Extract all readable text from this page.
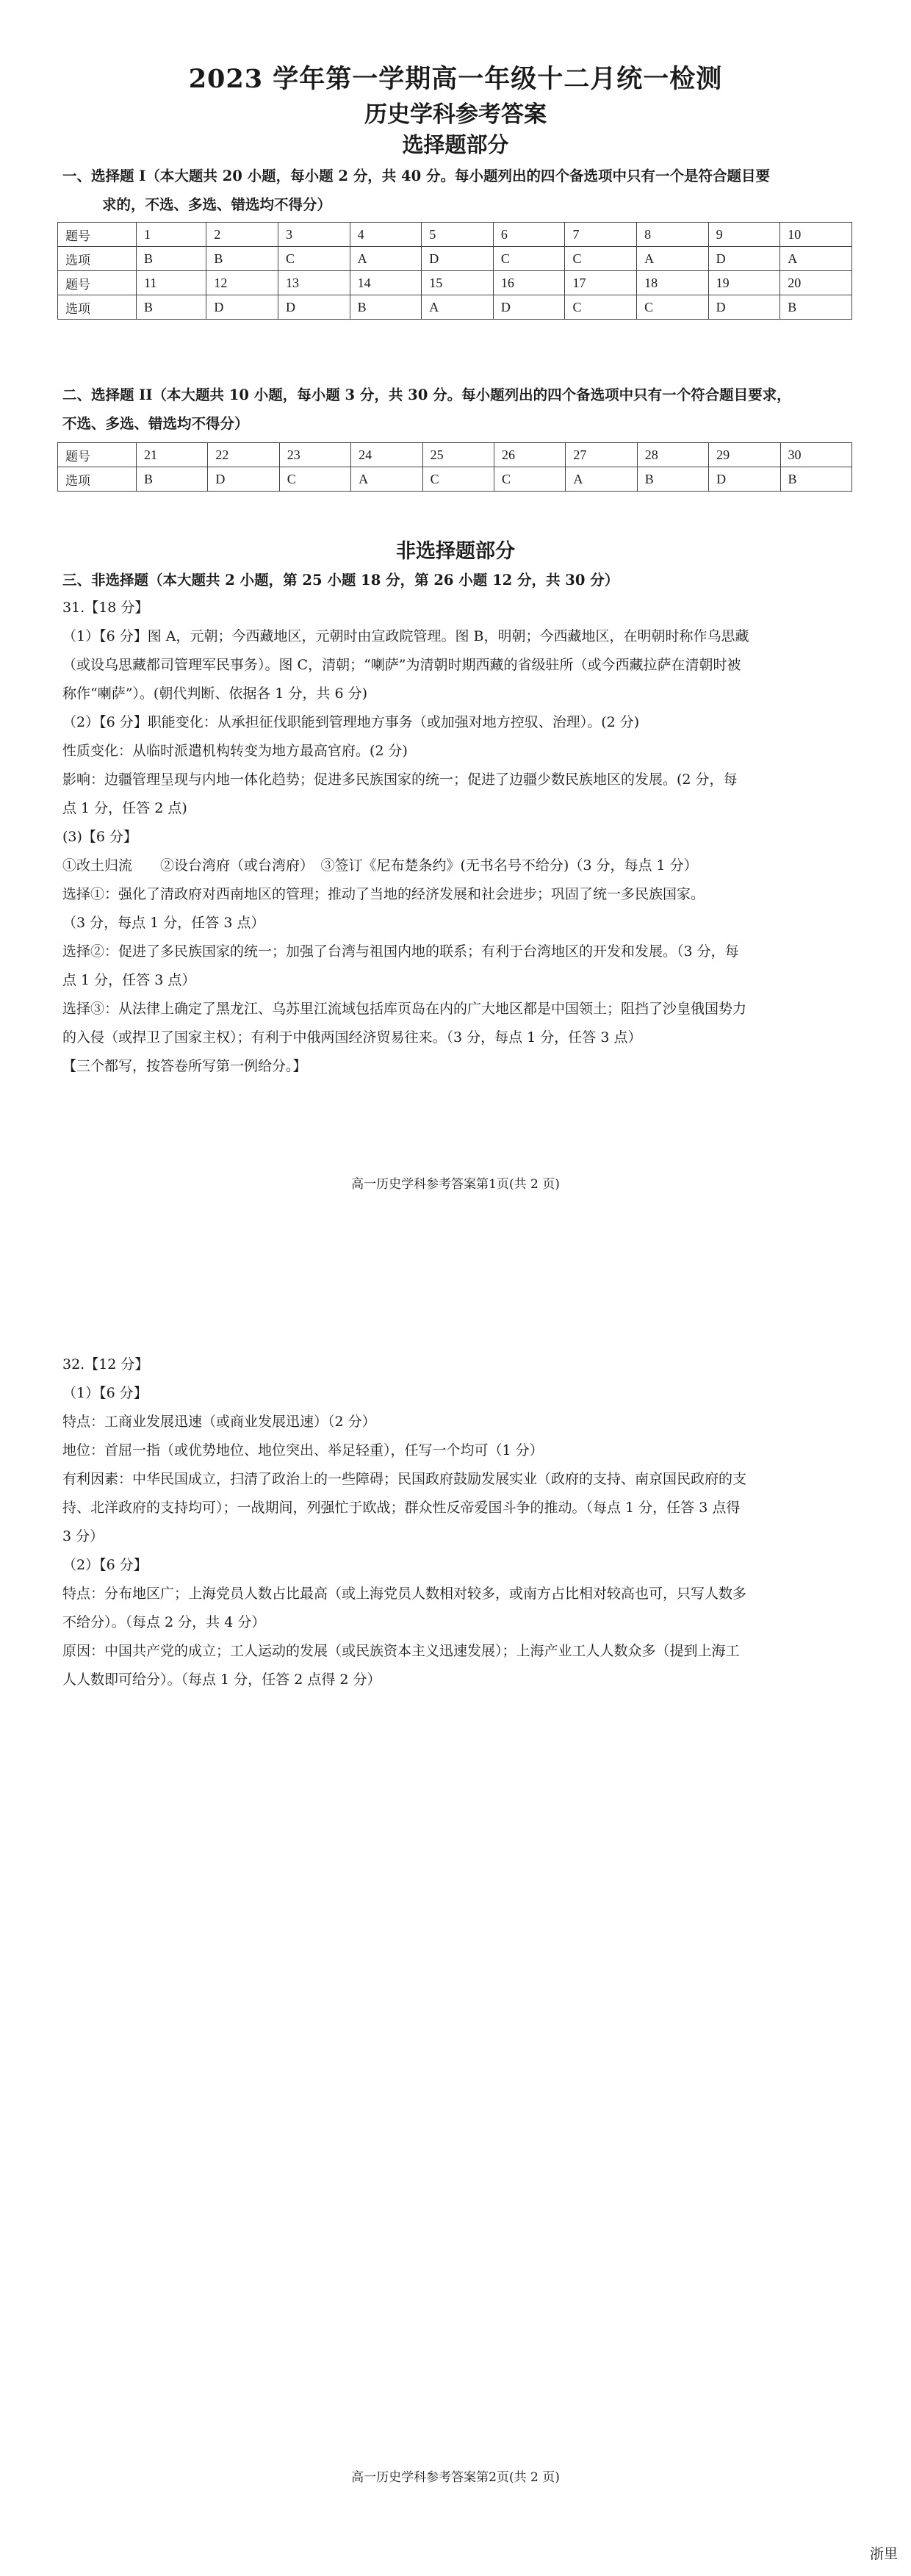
2023 学年第一学期高一年级十二月统一检测
历史学科参考答案
选择题部分
一、选择题 I（本大题共 20 小题，每小题 2 分，共 40 分。每小题列出的四个备选项中只有一个是符合题目要
求的，不选、多选、错选均不得分）
题号	1	2	3	4	5	6	7	8	9	10
选项	B	B	C	A	D	C	C	A	D	A
题号	11	12	13	14	15	16	17	18	19	20
选项	B	D	D	B	A	D	C	C	D	B
二、选择题 II（本大题共 10 小题，每小题 3 分，共 30 分。每小题列出的四个备选项中只有一个符合题目要求，
不选、多选、错选均不得分）
题号	21	22	23	24	25	26	27	28	29	30
选项	B	D	C	A	C	C	A	B	D	B
非选择题部分
三、非选择题（本大题共 2 小题，第 25 小题 18 分，第 26 小题 12 分，共 30 分）

31.【18 分】

（1）【6 分】图 A，元朝；今西藏地区，元朝时由宣政院管理。图 B，明朝；今西藏地区，在明朝时称作乌思藏

（或设乌思藏都司管理军民事务）。图 C，清朝；“喇萨”为清朝时期西藏的省级驻所（或今西藏拉萨在清朝时被

称作“喇萨”）。(朝代判断、依据各 1 分，共 6 分)

（2）【6 分】职能变化：从承担征伐职能到管理地方事务（或加强对地方控驭、治理）。(2 分)

性质变化：从临时派遣机构转变为地方最高官府。(2 分)

影响：边疆管理呈现与内地一体化趋势；促进多民族国家的统一；促进了边疆少数民族地区的发展。(2 分，每

点 1 分，任答 2 点)

(3)【6 分】

①改土归流　　②设台湾府（或台湾府）　③签订《尼布楚条约》(无书名号不给分)（3 分，每点 1 分）

选择①：强化了清政府对西南地区的管理；推动了当地的经济发展和社会进步；巩固了统一多民族国家。

（3 分，每点 1 分，任答 3 点）

选择②：促进了多民族国家的统一；加强了台湾与祖国内地的联系；有利于台湾地区的开发和发展。（3 分，每

点 1 分，任答 3 点）

选择③：从法律上确定了黑龙江、乌苏里江流域包括库页岛在内的广大地区都是中国领土；阻挡了沙皇俄国势力

的入侵（或捍卫了国家主权）；有利于中俄两国经济贸易往来。（3 分，每点 1 分，任答 3 点）

【三个都写，按答卷所写第一例给分。】

高一历史学科参考答案第1页(共 2 页)

32.【12 分】

（1）【6 分】

特点：工商业发展迅速（或商业发展迅速）（2 分）

地位：首屈一指（或优势地位、地位突出、举足轻重），任写一个均可（1 分）

有利因素：中华民国成立，扫清了政治上的一些障碍；民国政府鼓励发展实业（政府的支持、南京国民政府的支

持、北洋政府的支持均可）；一战期间，列强忙于欧战；群众性反帝爱国斗争的推动。（每点 1 分，任答 3 点得

3 分）

（2）【6 分】

特点：分布地区广；上海党员人数占比最高（或上海党员人数相对较多，或南方占比相对较高也可，只写人数多

不给分）。（每点 2 分，共 4 分）

原因：中国共产党的成立；工人运动的发展（或民族资本主义迅速发展）；上海产业工人人数众多（提到上海工

人人数即可给分）。（每点 1 分，任答 2 点得 2 分）

高一历史学科参考答案第2页(共 2 页)
浙里
